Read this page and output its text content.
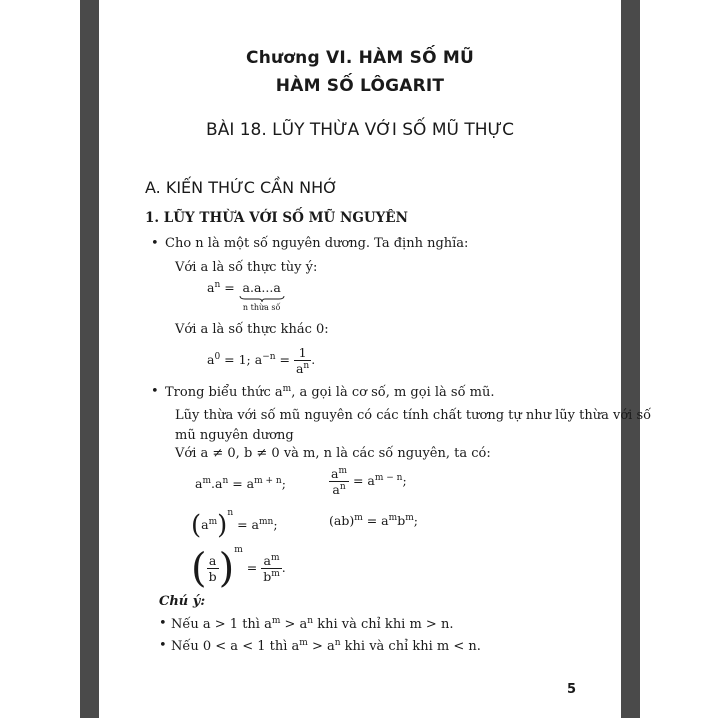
Chương VI. HÀM SỐ MŨ
HÀM SỐ LÔGARIT
BÀI 18. LŨY THỪA VỚI SỐ MŨ THỰC
A. KIẾN THỨC CẦN NHỚ
1. LŨY THỪA VỚI SỐ MŨ NGUYÊN
• Cho n là một số nguyên dương. Ta định nghĩa:
Với a là số thực tùy ý:
$a^n = a.a...a$
n thừa số
Với a là số thực khác 0:
$a^0 = 1$; $a^{-n} = \frac{1}{a^n}$ .
• Trong biểu thức $a^m$, a gọi là cơ số, m gọi là số mũ.
Lũy thừa với số mũ nguyên có các tính chất tương tự như lũy thừa với số
mũ nguyên dương
Với a ≠ 0, b ≠ 0 và m, n là các số nguyên, ta có:
$a^m.a^n = a^{m + n}$;	$\frac{a^m}{a^n} = a^{m - n}$;
$(a^m)^n = a^{mn}$;	$(ab)^m = a^mb^m$;
( $\frac{a}{b} )^m = \frac{a^m}{b^m}$ .
Chú ý:
• Nếu a > 1 thì $a^m > a^n$ khi và chỉ khi m > n.
• Nếu 0 < a < 1 thì $a^m > a^n$ khi và chỉ khi m < n.
5
